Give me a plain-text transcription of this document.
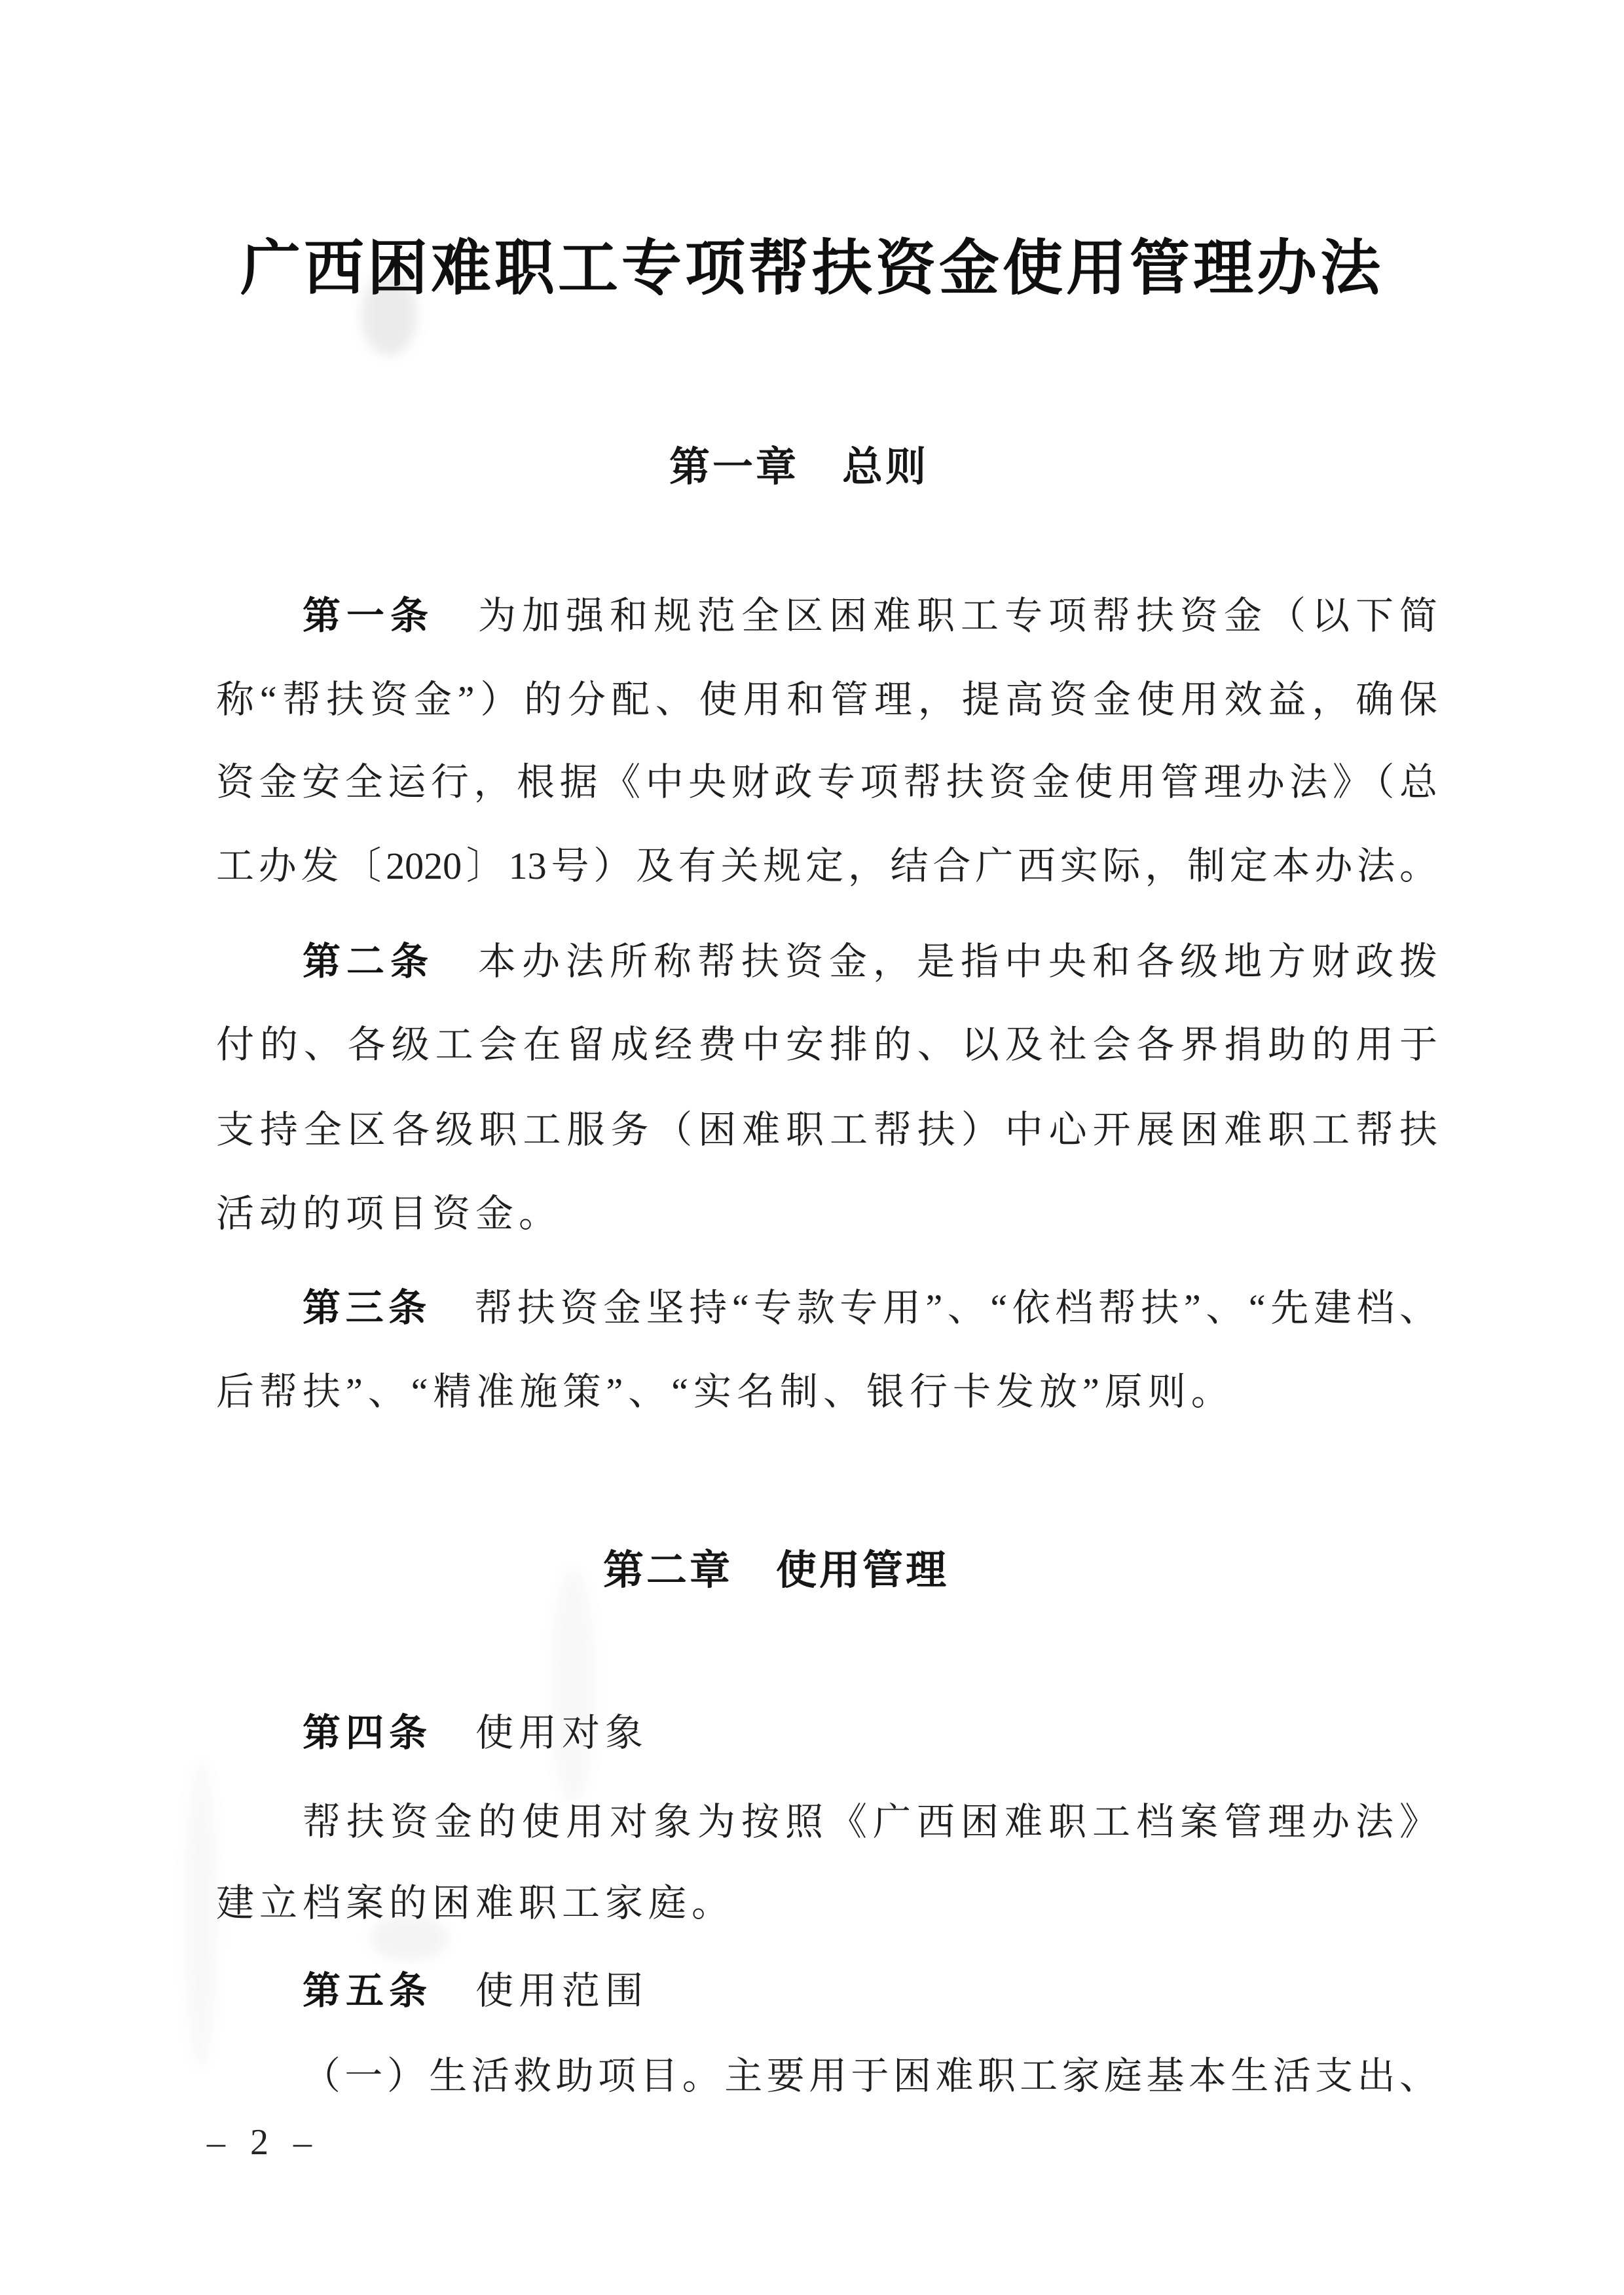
广西困难职工专项帮扶资金使用管理办法
第一章　总则
第一条　为加强和规范全区困难职工专项帮扶资金（以下简
称“帮扶资金”）的分配、使用和管理，提高资金使用效益，确保
资金安全运行，根据《中央财政专项帮扶资金使用管理办法》（总
工办发〔2020〕13号）及有关规定，结合广西实际，制定本办法。
第二条　本办法所称帮扶资金，是指中央和各级地方财政拨
付的、各级工会在留成经费中安排的、以及社会各界捐助的用于
支持全区各级职工服务（困难职工帮扶）中心开展困难职工帮扶
活动的项目资金。
第三条　帮扶资金坚持“专款专用”、“依档帮扶”、“先建档、
后帮扶”、“精准施策”、“实名制、银行卡发放”原则。
第二章　使用管理
第四条　使用对象
帮扶资金的使用对象为按照《广西困难职工档案管理办法》
建立档案的困难职工家庭。
第五条　使用范围
（一）生活救助项目。主要用于困难职工家庭基本生活支出、
– 2 –
